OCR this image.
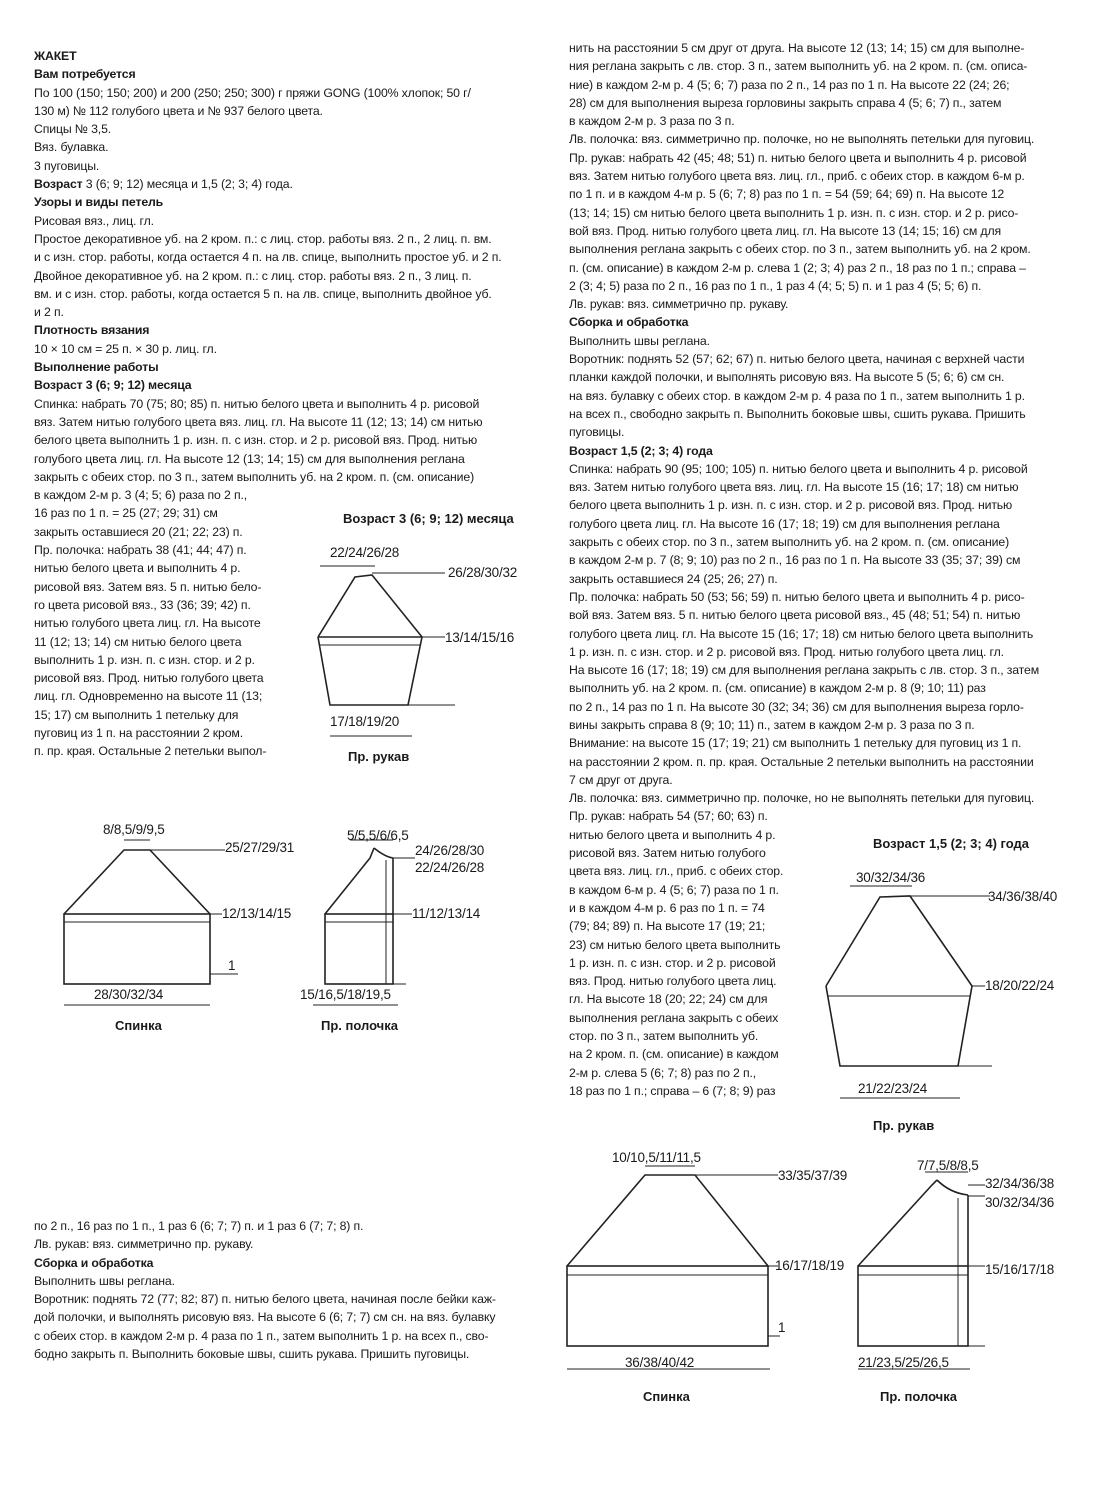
ЖАКЕТ

Вам потребуется

По 100 (150; 150; 200) и 200 (250; 250; 300) г пряжи GONG (100% хлопок; 50 г/

130 м) № 112 голубого цвета и № 937 белого цвета.

Спицы № 3,5.

Вяз. булавка.

3 пуговицы.

Возраст 3 (6; 9; 12) месяца и 1,5 (2; 3; 4) года.

Узоры и виды петель

Рисовая вяз., лиц. гл.

Простое декоративное уб. на 2 кром. п.: с лиц. стор. работы вяз. 2 п., 2 лиц. п. вм.

и с изн. стор. работы, когда остается 4 п. на лв. спице, выполнить простое уб. и 2 п.

Двойное декоративное уб. на 2 кром. п.: с лиц. стор. работы вяз. 2 п., 3 лиц. п.

вм. и с изн. стор. работы, когда остается 5 п. на лв. спице, выполнить двойное уб.

и 2 п.

Плотность вязания

10 × 10 см = 25 п. × 30 р. лиц. гл.

Выполнение работы

Возраст 3 (6; 9; 12) месяца

Спинка: набрать 70 (75; 80; 85) п. нитью белого цвета и выполнить 4 р. рисовой

вяз. Затем нитью голубого цвета вяз. лиц. гл. На высоте 11 (12; 13; 14) см нитью

белого цвета выполнить 1 р. изн. п. с изн. стор. и 2 р. рисовой вяз. Прод. нитью

голубого цвета лиц. гл. На высоте 12 (13; 14; 15) см для выполнения реглана

закрыть с обеих стор. по 3 п., затем выполнить уб. на 2 кром. п. (см. описание)

в каждом 2-м р. 3 (4; 5; 6) раза по 2 п.,

16 раз по 1 п. = 25 (27; 29; 31) см

закрыть оставшиеся 20 (21; 22; 23) п.

Пр. полочка: набрать 38 (41; 44; 47) п.

нитью белого цвета и выполнить 4 р.

рисовой вяз. Затем вяз. 5 п. нитью бело-

го цвета рисовой вяз., 33 (36; 39; 42) п.

нитью голубого цвета лиц. гл. На высоте

11 (12; 13; 14) см нитью белого цвета

выполнить 1 р. изн. п. с изн. стор. и 2 р.

рисовой вяз. Прод. нитью голубого цвета

лиц. гл. Одновременно на высоте 11 (13;

15; 17) см выполнить 1 петельку для

пуговиц из 1 п. на расстоянии 2 кром.

п. пр. края. Остальные 2 петельки выпол-

по 2 п., 16 раз по 1 п., 1 раз 6 (6; 7; 7) п. и 1 раз 6 (7; 7; 8) п.

Лв. рукав: вяз. симметрично пр. рукаву.

Сборка и обработка

Выполнить швы реглана.

Воротник: поднять 72 (77; 82; 87) п. нитью белого цвета, начиная после бейки каж-

дой полочки, и выполнять рисовую вяз. На высоте 6 (6; 7; 7) см сн. на вяз. булавку

с обеих стор. в каждом 2-м р. 4 раза по 1 п., затем выполнить 1 р. на всех п., сво-

бодно закрыть п. Выполнить боковые швы, сшить рукава. Пришить пуговицы.

нить на расстоянии 5 см друг от друга. На высоте 12 (13; 14; 15) см для выполне-

ния реглана закрыть с лв. стор. 3 п., затем выполнить уб. на 2 кром. п. (см. описа-

ние) в каждом 2-м р. 4 (5; 6; 7) раза по 2 п., 14 раз по 1 п. На высоте 22 (24; 26;

28) см для выполнения выреза горловины закрыть справа 4 (5; 6; 7) п., затем

в каждом 2-м р. 3 раза по 3 п.

Лв. полочка: вяз. симметрично пр. полочке, но не выполнять петельки для пуговиц.

Пр. рукав: набрать 42 (45; 48; 51) п. нитью белого цвета и выполнить 4 р. рисовой

вяз. Затем нитью голубого цвета вяз. лиц. гл., приб. с обеих стор. в каждом 6-м р.

по 1 п. и в каждом 4-м р. 5 (6; 7; 8) раз по 1 п. = 54 (59; 64; 69) п. На высоте 12

(13; 14; 15) см нитью белого цвета выполнить 1 р. изн. п. с изн. стор. и 2 р. рисо-

вой вяз. Прод. нитью голубого цвета лиц. гл. На высоте 13 (14; 15; 16) см для

выполнения реглана закрыть с обеих стор. по 3 п., затем выполнить уб. на 2 кром.

п. (см. описание) в каждом 2-м р. слева 1 (2; 3; 4) раз 2 п., 18 раз по 1 п.; справа –

2 (3; 4; 5) раза по 2 п., 16 раз по 1 п., 1 раз 4 (4; 5; 5) п. и 1 раз 4 (5; 5; 6) п.

Лв. рукав: вяз. симметрично пр. рукаву.

Сборка и обработка

Выполнить швы реглана.

Воротник: поднять 52 (57; 62; 67) п. нитью белого цвета, начиная с верхней части

планки каждой полочки, и выполнять рисовую вяз. На высоте 5 (5; 6; 6) см сн.

на вяз. булавку с обеих стор. в каждом 2-м р. 4 раза по 1 п., затем выполнить 1 р.

на всех п., свободно закрыть п. Выполнить боковые швы, сшить рукава. Пришить

пуговицы.

Возраст 1,5 (2; 3; 4) года

Спинка: набрать 90 (95; 100; 105) п. нитью белого цвета и выполнить 4 р. рисовой

вяз. Затем нитью голубого цвета вяз. лиц. гл. На высоте 15 (16; 17; 18) см нитью

белого цвета выполнить 1 р. изн. п. с изн. стор. и 2 р. рисовой вяз. Прод. нитью

голубого цвета лиц. гл. На высоте 16 (17; 18; 19) см для выполнения реглана

закрыть с обеих стор. по 3 п., затем выполнить уб. на 2 кром. п. (см. описание)

в каждом 2-м р. 7 (8; 9; 10) раз по 2 п., 16 раз по 1 п. На высоте 33 (35; 37; 39) см

закрыть оставшиеся 24 (25; 26; 27) п.

Пр. полочка: набрать 50 (53; 56; 59) п. нитью белого цвета и выполнить 4 р. рисо-

вой вяз. Затем вяз. 5 п. нитью белого цвета рисовой вяз., 45 (48; 51; 54) п. нитью

голубого цвета лиц. гл. На высоте 15 (16; 17; 18) см нитью белого цвета выполнить

1 р. изн. п. с изн. стор. и 2 р. рисовой вяз. Прод. нитью голубого цвета лиц. гл.

На высоте 16 (17; 18; 19) см для выполнения реглана закрыть с лв. стор. 3 п., затем

выполнить уб. на 2 кром. п. (см. описание) в каждом 2-м р. 8 (9; 10; 11) раз

по 2 п., 14 раз по 1 п. На высоте 30 (32; 34; 36) см для выполнения выреза горло-

вины закрыть справа 8 (9; 10; 11) п., затем в каждом 2-м р. 3 раза по 3 п.

Внимание: на высоте 15 (17; 19; 21) см выполнить 1 петельку для пуговиц из 1 п.

на расстоянии 2 кром. п. пр. края. Остальные 2 петельки выполнить на расстоянии

7 см друг от друга.

Лв. полочка: вяз. симметрично пр. полочке, но не выполнять петельки для пуговиц.

Пр. рукав: набрать 54 (57; 60; 63) п.

нитью белого цвета и выполнить 4 р.

рисовой вяз. Затем нитью голубого

цвета вяз. лиц. гл., приб. с обеих стор.

в каждом 6-м р. 4 (5; 6; 7) раза по 1 п.

и в каждом 4-м р. 6 раз по 1 п. = 74

(79; 84; 89) п. На высоте 17 (19; 21;

23) см нитью белого цвета выполнить

1 р. изн. п. с изн. стор. и 2 р. рисовой

вяз. Прод. нитью голубого цвета лиц.

гл. На высоте 18 (20; 22; 24) см для

выполнения реглана закрыть с обеих

стор. по 3 п., затем выполнить уб.

на 2 кром. п. (см. описание) в каждом

2-м р. слева 5 (6; 7; 8) раз по 2 п.,

18 раз по 1 п.; справа – 6 (7; 8; 9) раз

Возраст 3 (6; 9; 12) месяца
22/24/26/28
26/28/30/32
13/14/15/16
17/18/19/20
Пр. рукав
8/8,5/9/9,5
25/27/29/31
12/13/14/15
1
28/30/32/34
Спинка
5/5,5/6/6,5
24/26/28/30
22/24/26/28
11/12/13/14
15/16,5/18/19,5
Пр. полочка
Возраст 1,5 (2; 3; 4) года
30/32/34/36
34/36/38/40
18/20/22/24
21/22/23/24
Пр. рукав
10/10,5/11/11,5
33/35/37/39
16/17/18/19
1
36/38/40/42
Спинка
7/7,5/8/8,5
32/34/36/38
30/32/34/36
15/16/17/18
21/23,5/25/26,5
Пр. полочка
